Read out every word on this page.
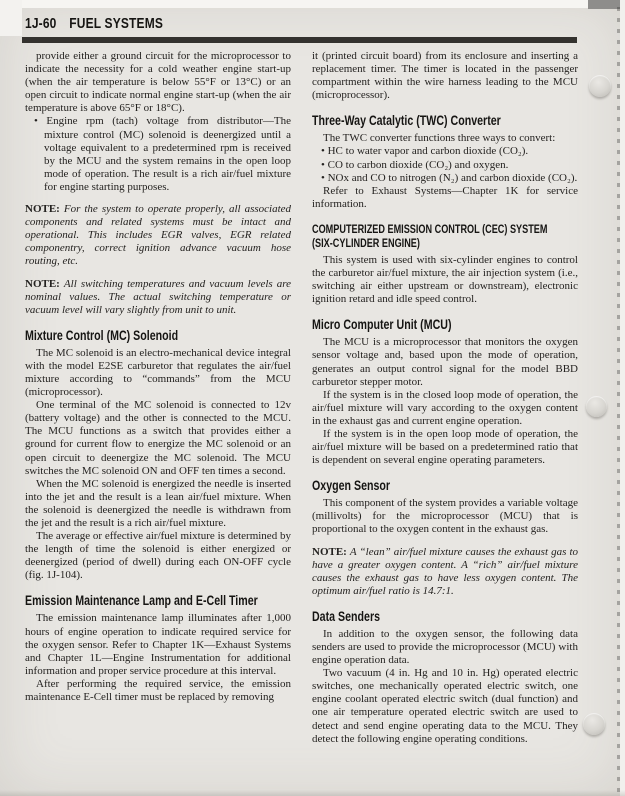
1J-60 FUEL SYSTEMS

provide either a ground circuit for the microprocessor to indicate the necessity for a cold weather engine start-up (when the air temperature is below 55°F or 13°C) or an open circuit to indicate normal engine start-up (when the air temperature is above 65°F or 18°C).

• Engine rpm (tach) voltage from distributor—The mixture control (MC) solenoid is deenergized until a voltage equivalent to a predetermined rpm is received by the MCU and the system remains in the open loop mode of operation. The result is a rich air/fuel mixture for engine starting purposes.

NOTE: For the system to operate properly, all associated components and related systems must be intact and operational. This includes EGR valves, EGR related componentry, correct ignition advance vacuum hose routing, etc.

NOTE: All switching temperatures and vacuum levels are nominal values. The actual switching temperature or vacuum level will vary slightly from unit to unit.

Mixture Control (MC) Solenoid

The MC solenoid is an electro-mechanical device integral with the model E2SE carburetor that regulates the air/fuel mixture according to “commands” from the MCU (microprocessor).

One terminal of the MC solenoid is connected to 12v (battery voltage) and the other is connected to the MCU. The MCU functions as a switch that provides either a ground for current flow to energize the MC solenoid or an open circuit to deenergize the MC solenoid. The MCU switches the MC solenoid ON and OFF ten times a second.

When the MC solenoid is energized the needle is inserted into the jet and the result is a lean air/fuel mixture. When the solenoid is deenergized the needle is withdrawn from the jet and the result is a rich air/fuel mixture.

The average or effective air/fuel mixture is determined by the length of time the solenoid is either energized or deenergized (period of dwell) during each ON-OFF cycle (fig. 1J-104).

Emission Maintenance Lamp and E-Cell Timer

The emission maintenance lamp illuminates after 1,000 hours of engine operation to indicate required service for the oxygen sensor. Refer to Chapter 1K—Exhaust Systems and Chapter 1L—Engine Instrumentation for additional information and proper service procedure at this interval.

After performing the required service, the emission maintenance E-Cell timer must be replaced by removing

it (printed circuit board) from its enclosure and inserting a replacement timer. The timer is located in the passenger compartment within the wire harness leading to the MCU (microprocessor).

Three-Way Catalytic (TWC) Converter

The TWC converter functions three ways to convert:

• HC to water vapor and carbon dioxide (CO₂).
• CO to carbon dioxide (CO₂) and oxygen.
• NOx and CO to nitrogen (N₂) and carbon dioxide (CO₂).

Refer to Exhaust Systems—Chapter 1K for service information.

COMPUTERIZED EMISSION CONTROL (CEC) SYSTEM
(SIX-CYLINDER ENGINE)

This system is used with six-cylinder engines to control the carburetor air/fuel mixture, the air injection system (i.e., switching air either upstream or downstream), electronic ignition retard and idle speed control.

Micro Computer Unit (MCU)

The MCU is a microprocessor that monitors the oxygen sensor voltage and, based upon the mode of operation, generates an output control signal for the model BBD carburetor stepper motor.

If the system is in the closed loop mode of operation, the air/fuel mixture will vary according to the oxygen content in the exhaust gas and current engine operation.

If the system is in the open loop mode of operation, the air/fuel mixture will be based on a predetermined ratio that is dependent on several engine operating parameters.

Oxygen Sensor

This component of the system provides a variable voltage (millivolts) for the microprocessor (MCU) that is proportional to the oxygen content in the exhaust gas.

NOTE: A “lean” air/fuel mixture causes the exhaust gas to have a greater oxygen content. A “rich” air/fuel mixture causes the exhaust gas to have less oxygen content. The optimum air/fuel ratio is 14.7:1.

Data Senders

In addition to the oxygen sensor, the following data senders are used to provide the microprocessor (MCU) with engine operation data.

Two vacuum (4 in. Hg and 10 in. Hg) operated electric switches, one mechanically operated electric switch, one engine coolant operated electric switch (dual function) and one air temperature operated electric switch are used to detect and send engine operating data to the MCU. They detect the following engine operating conditions.
